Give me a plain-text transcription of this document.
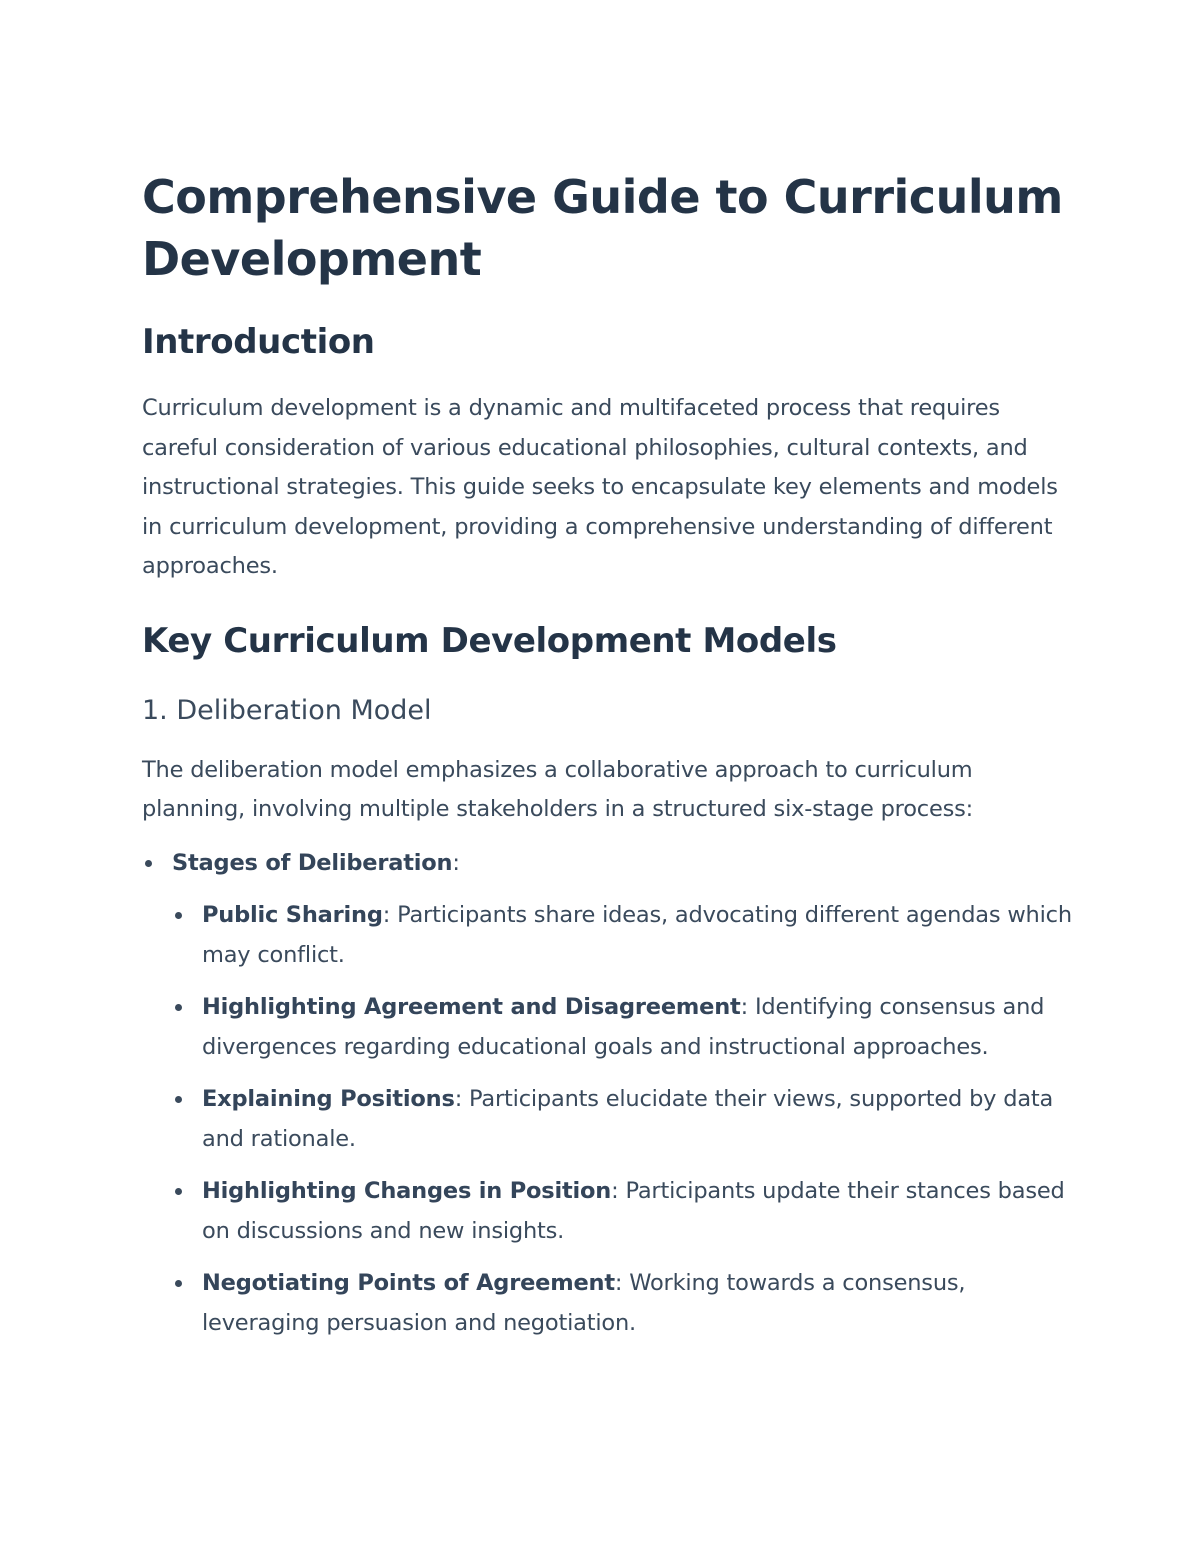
Comprehensive Guide to Curriculum Development
Introduction

Curriculum development is a dynamic and multifaceted process that requires careful consideration of various educational philosophies, cultural contexts, and instructional strategies. This guide seeks to encapsulate key elements and models in curriculum development, providing a comprehensive understanding of different approaches.

Key Curriculum Development Models
1. Deliberation Model

The deliberation model emphasizes a collaborative approach to curriculum planning, involving multiple stakeholders in a structured six-stage process:

Stages of Deliberation:
Public Sharing: Participants share ideas, advocating different agendas which may conflict.
Highlighting Agreement and Disagreement: Identifying consensus and divergences regarding educational goals and instructional approaches.
Explaining Positions: Participants elucidate their views, supported by data and rationale.
Highlighting Changes in Position: Participants update their stances based on discussions and new insights.
Negotiating Points of Agreement: Working towards a consensus, leveraging persuasion and negotiation.
